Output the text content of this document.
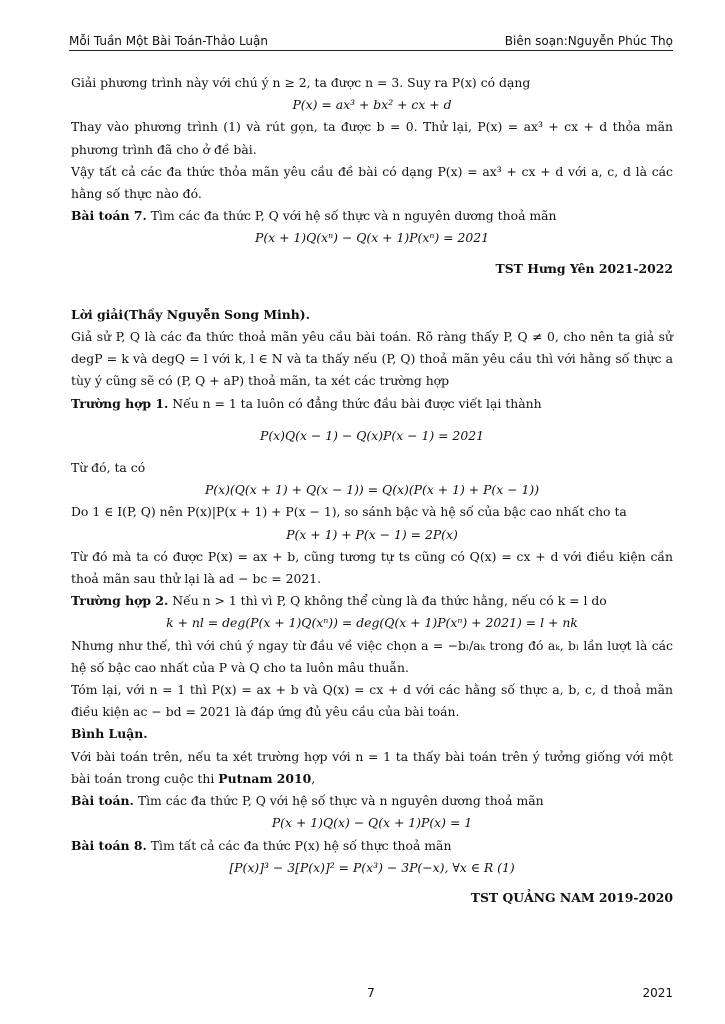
Mỗi Tuần Một Bài Toán-Thảo Luận	Biên soạn:Nguyễn Phúc Thọ

Giải phương trình này với chú ý n ≥ 2, ta được n = 3. Suy ra P(x) có dạng

P(x) = ax³ + bx² + cx + d

Thay vào phương trình (1) và rút gọn, ta được b = 0. Thử lại, P(x) = ax³ + cx + d thỏa mãn phương trình đã cho ở đề bài.

Vậy tất cả các đa thức thỏa mãn yêu cầu đề bài có dạng P(x) = ax³ + cx + d với a, c, d là các hằng số thực nào đó.

Bài toán 7. Tìm các đa thức P, Q với hệ số thực và n nguyên dương thoả mãn

P(x + 1)Q(xⁿ) − Q(x + 1)P(xⁿ) = 2021

TST Hưng Yên 2021-2022

Lời giải(Thầy Nguyễn Song Minh).

Giả sử P, Q là các đa thức thoả mãn yêu cầu bài toán. Rõ ràng thấy P, Q ≠ 0, cho nên ta giả sử degP = k và degQ = l với k, l ∈ N và ta thấy nếu (P, Q) thoả mãn yêu cầu thì với hằng số thực a tùy ý cũng sẽ có (P, Q + aP) thoả mãn, ta xét các trường hợp

Trường hợp 1. Nếu n = 1 ta luôn có đẳng thức đầu bài được viết lại thành

P(x)Q(x − 1) − Q(x)P(x − 1) = 2021

Từ đó, ta có

P(x)(Q(x + 1) + Q(x − 1)) = Q(x)(P(x + 1) + P(x − 1))

Do 1 ∈ I(P, Q) nên P(x)|P(x + 1) + P(x − 1), so sánh bậc và hệ số của bậc cao nhất cho ta

P(x + 1) + P(x − 1) = 2P(x)

Từ đó mà ta có được P(x) = ax + b, cũng tương tự ts cũng có Q(x) = cx + d với điều kiện cần thoả mãn sau thử lại là ad − bc = 2021.

Trường hợp 2. Nếu n > 1 thì vì P, Q không thể cùng là đa thức hằng, nếu có k = l do

k + nl = deg(P(x + 1)Q(xⁿ)) = deg(Q(x + 1)P(xⁿ) + 2021) = l + nk

Nhưng như thế, thì với chú ý ngay từ đầu về việc chọn a = −bₗ/aₖ trong đó aₖ, bₗ lần lượt là các hệ số bậc cao nhất của P và Q cho ta luôn mâu thuẫn.

Tóm lại, với n = 1 thì P(x) = ax + b và Q(x) = cx + d với các hằng số thực a, b, c, d thoả mãn điều kiện ac − bd = 2021 là đáp ứng đủ yêu cầu của bài toán.

Bình Luận.

Với bài toán trên, nếu ta xét trường hợp với n = 1 ta thấy bài toán trên ý tưởng giống với một bài toán trong cuộc thi Putnam 2010,

Bài toán. Tìm các đa thức P, Q với hệ số thực và n nguyên dương thoả mãn

P(x + 1)Q(x) − Q(x + 1)P(x) = 1

Bài toán 8. Tìm tất cả các đa thức P(x) hệ số thực thoả mãn

[P(x)]³ − 3[P(x)]² = P(x³) − 3P(−x), ∀x ∈ R (1)

TST QUẢNG NAM 2019-2020

7	2021
